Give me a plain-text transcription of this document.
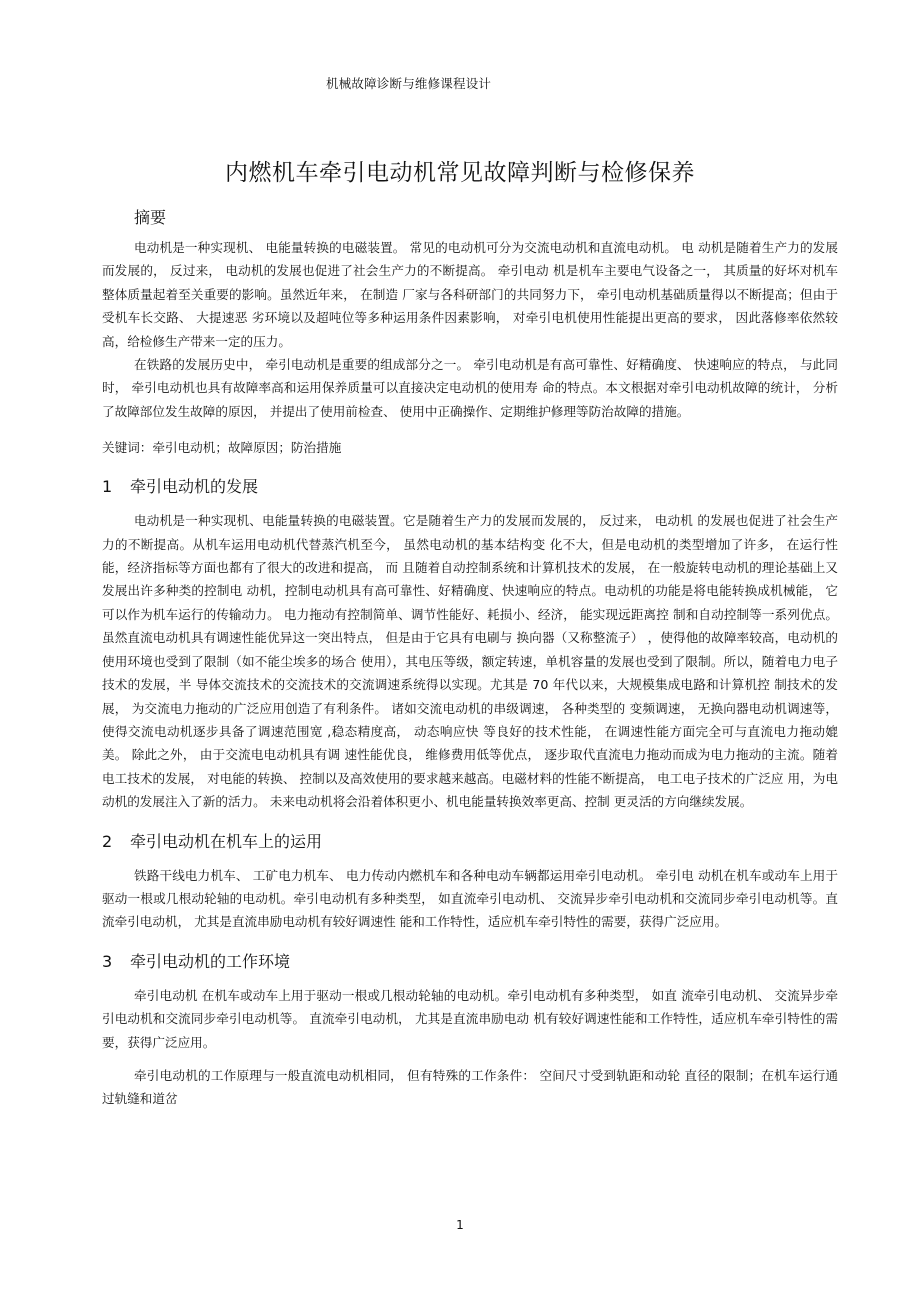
机械故障诊断与维修课程设计
内燃机车牵引电动机常见故障判断与检修保养
摘要

电动机是一种实现机、 电能量转换的电磁装置。 常见的电动机可分为交流电动机和直流电动机。 电 动机是随着生产力的发展而发展的， 反过来， 电动机的发展也促进了社会生产力的不断提高。 牵引电动 机是机车主要电气设备之一， 其质量的好坏对机车整体质量起着至关重要的影响。虽然近年来， 在制造 厂家与各科研部门的共同努力下， 牵引电动机基础质量得以不断提高；但由于受机车长交路、 大提速恶 劣环境以及超吨位等多种运用条件因素影响， 对牵引电机使用性能提出更高的要求， 因此落修率依然较 高，给检修生产带来一定的压力。

在铁路的发展历史中， 牵引电动机是重要的组成部分之一。 牵引电动机是有高可靠性、好精确度、 快速响应的特点， 与此同时， 牵引电动机也具有故障率高和运用保养质量可以直接决定电动机的使用寿 命的特点。本文根据对牵引电动机故障的统计， 分析了故障部位发生故障的原因， 并提出了使用前检查、 使用中正确操作、定期维护修理等防治故障的措施。

关键词：牵引电动机；故障原因；防治措施
1 牵引电动机的发展

电动机是一种实现机、电能量转换的电磁装置。它是随着生产力的发展而发展的， 反过来， 电动机 的发展也促进了社会生产力的不断提高。从机车运用电动机代替蒸汽机至今， 虽然电动机的基本结构变 化不大，但是电动机的类型增加了许多， 在运行性能，经济指标等方面也都有了很大的改进和提高， 而 且随着自动控制系统和计算机技术的发展， 在一般旋转电动机的理论基础上又发展出许多种类的控制电 动机，控制电动机具有高可靠性、好精确度、快速响应的特点。电动机的功能是将电能转换成机械能， 它可以作为机车运行的传输动力。 电力拖动有控制简单、调节性能好、耗损小、经济， 能实现远距离控 制和自动控制等一系列优点。 虽然直流电动机具有调速性能优异这一突出特点， 但是由于它具有电刷与 换向器（又称整流子） ，使得他的故障率较高，电动机的使用环境也受到了限制（如不能尘埃多的场合 使用），其电压等级，额定转速，单机容量的发展也受到了限制。所以，随着电力电子技术的发展，半 导体交流技术的交流技术的交流调速系统得以实现。尤其是 70 年代以来，大规模集成电路和计算机控 制技术的发展， 为交流电力拖动的广泛应用创造了有利条件。 诸如交流电动机的串级调速， 各种类型的 变频调速， 无换向器电动机调速等， 使得交流电动机逐步具备了调速范围宽 ,稳态精度高， 动态响应快 等良好的技术性能， 在调速性能方面完全可与直流电力拖动媲美。 除此之外， 由于交流电电动机具有调 速性能优良， 维修费用低等优点， 逐步取代直流电力拖动而成为电力拖动的主流。随着电工技术的发展， 对电能的转换、 控制以及高效使用的要求越来越高。电磁材料的性能不断提高， 电工电子技术的广泛应 用，为电动机的发展注入了新的活力。 未来电动机将会沿着体积更小、机电能量转换效率更高、控制 更灵活的方向继续发展。

2 牵引电动机在机车上的运用

铁路干线电力机车、 工矿电力机车、 电力传动内燃机车和各种电动车辆都运用牵引电动机。 牵引电 动机在机车或动车上用于驱动一根或几根动轮轴的电动机。牵引电动机有多种类型， 如直流牵引电动机、 交流异步牵引电动机和交流同步牵引电动机等。直流牵引电动机， 尤其是直流串励电动机有较好调速性 能和工作特性，适应机车牵引特性的需要，获得广泛应用。

3 牵引电动机的工作环境

牵引电动机 在机车或动车上用于驱动一根或几根动轮轴的电动机。牵引电动机有多种类型， 如直 流牵引电动机、 交流异步牵引电动机和交流同步牵引电动机等。 直流牵引电动机， 尤其是直流串励电动 机有较好调速性能和工作特性，适应机车牵引特性的需要，获得广泛应用。

牵引电动机的工作原理与一般直流电动机相同， 但有特殊的工作条件： 空间尺寸受到轨距和动轮 直径的限制；在机车运行通过轨缝和道岔

1
